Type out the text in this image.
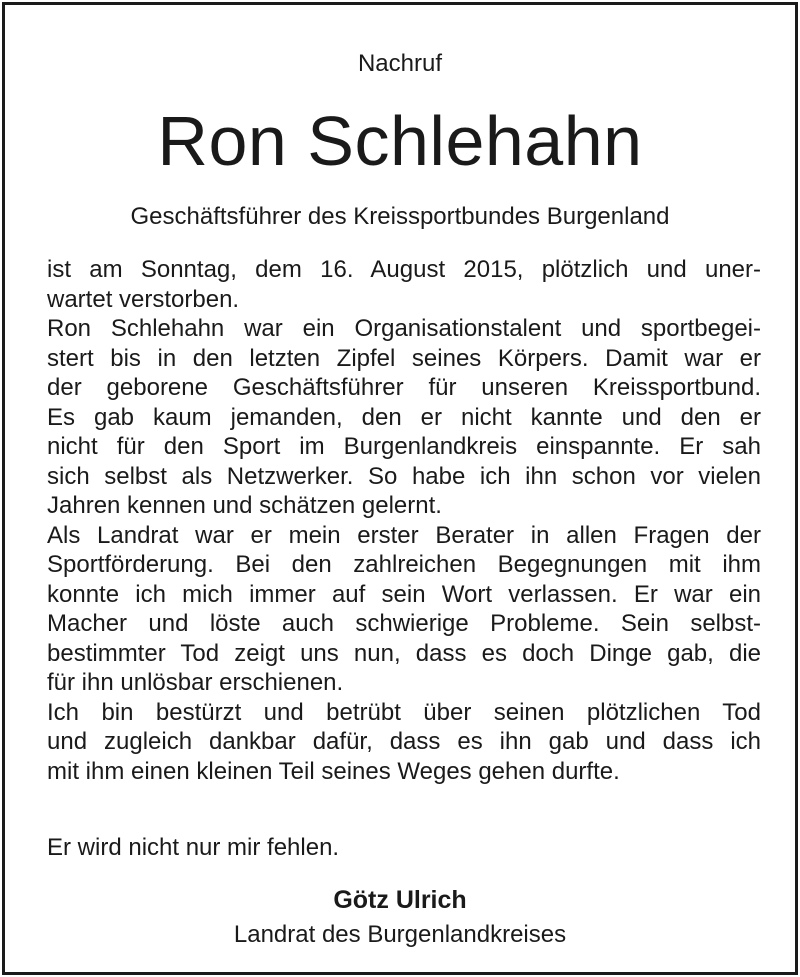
Nachruf
Ron Schlehahn
Geschäftsführer des Kreissportbundes Burgenland
ist am Sonntag, dem 16. August 2015, plötzlich und uner-
wartet verstorben.
Ron Schlehahn war ein Organisationstalent und sportbegei-
stert bis in den letzten Zipfel seines Körpers. Damit war er
der geborene Geschäftsführer für unseren Kreissportbund.
Es gab kaum jemanden, den er nicht kannte und den er
nicht für den Sport im Burgenlandkreis einspannte. Er sah
sich selbst als Netzwerker. So habe ich ihn schon vor vielen
Jahren kennen und schätzen gelernt.
Als Landrat war er mein erster Berater in allen Fragen der
Sportförderung. Bei den zahlreichen Begegnungen mit ihm
konnte ich mich immer auf sein Wort verlassen. Er war ein
Macher und löste auch schwierige Probleme. Sein selbst-
bestimmter Tod zeigt uns nun, dass es doch Dinge gab, die
für ihn unlösbar erschienen.
Ich bin bestürzt und betrübt über seinen plötzlichen Tod
und zugleich dankbar dafür, dass es ihn gab und dass ich
mit ihm einen kleinen Teil seines Weges gehen durfte.
Er wird nicht nur mir fehlen.
Götz Ulrich
Landrat des Burgenlandkreises
